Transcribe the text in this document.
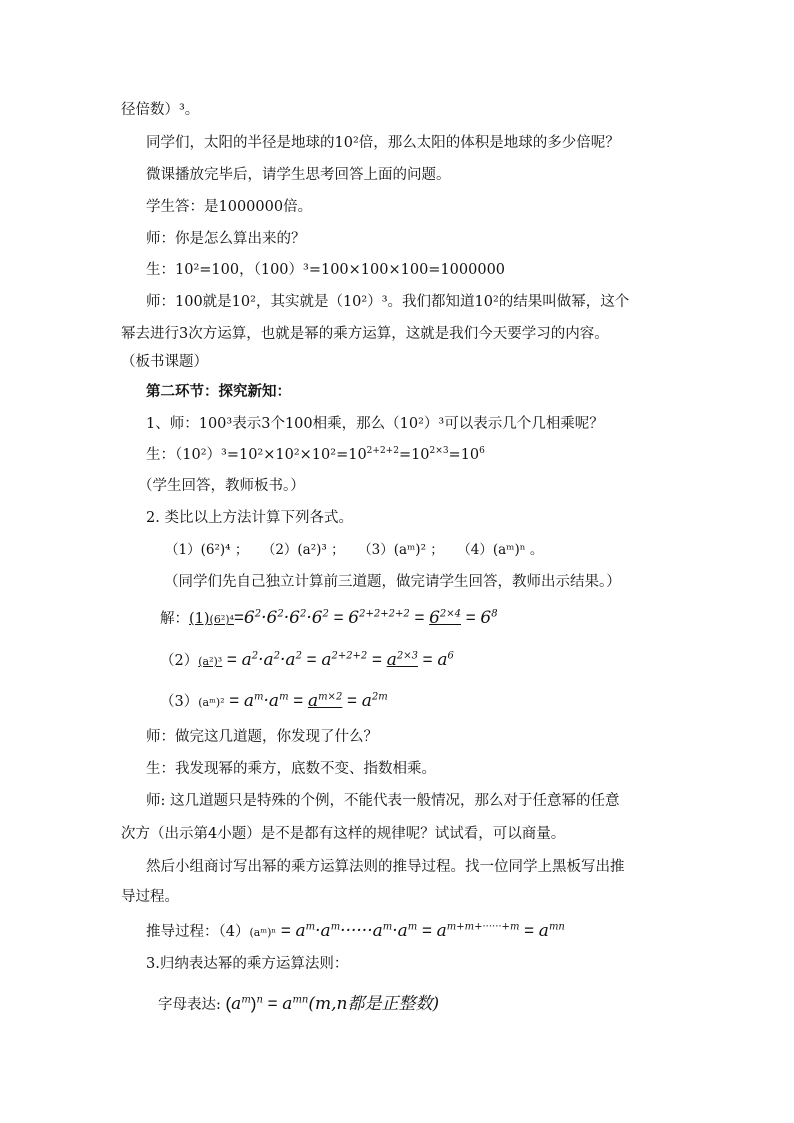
径倍数）³。
同学们，太阳的半径是地球的10²倍，那么太阳的体积是地球的多少倍呢？
微课播放完毕后，请学生思考回答上面的问题。
学生答：是1000000倍。
师：你是怎么算出来的？
生：10²=100，（100）³=100×100×100=1000000
师：100就是10²，其实就是（10²）³。我们都知道10²的结果叫做幂，这个
幂去进行3次方运算，也就是幂的乘方运算，这就是我们今天要学习的内容。
（板书课题）
第二环节：探究新知：
1、师：100³表示3个100相乘，那么（10²）³可以表示几个几相乘呢？
生：$(10^2)^3=10^2\times 10^2\times 10^2=10^{2+2+2}=10^{2\times 3}=10^6$
（学生回答，教师板书。）
2. 类比以上方法计算下列各式。
（1）(6²)⁴ ；　　（2）(a²)³ ；　　（3）(aᵐ)² ；　　（4）(aᵐ)ⁿ 。
（同学们先自己独立计算前三道题，做完请学生回答，教师出示结果。）
解：$(1)(6^2)^4=6^2\cdot 6^2\cdot 6^2\cdot 6^2 = 6^{2+2+2+2} = 6^{2\times 4} = 6^8$
$(2)(a^2)^3 = a^2\cdot a^2\cdot a^2 = a^{2+2+2} = a^{2\times 3} = a^6$
（3）(aᵐ)² = $a^m\cdot a^m = a^{m\times 2} = a^{2m}$
师：做完这几道题，你发现了什么？
生：我发现幂的乘方，底数不变、指数相乘。
师: 这几道题只是特殊的个例，不能代表一般情况，那么对于任意幂的任意
次方（出示第4小题）是不是都有这样的规律呢？试试看，可以商量。
然后小组商讨写出幂的乘方运算法则的推导过程。找一位同学上黑板写出推
导过程。
推导过程：（4）(aᵐ)ⁿ = $a^m\cdot a^m\cdot\cdot\cdot\cdot\cdot\cdot a^m\cdot a^m = a^{m+m+\cdot\cdot\cdot\cdot\cdot\cdot+m} = a^{mn}$
3.归纳表达幂的乘方运算法则：
字母表达: $(a^m)^n = a^{mn}(m,n$都是正整数)
